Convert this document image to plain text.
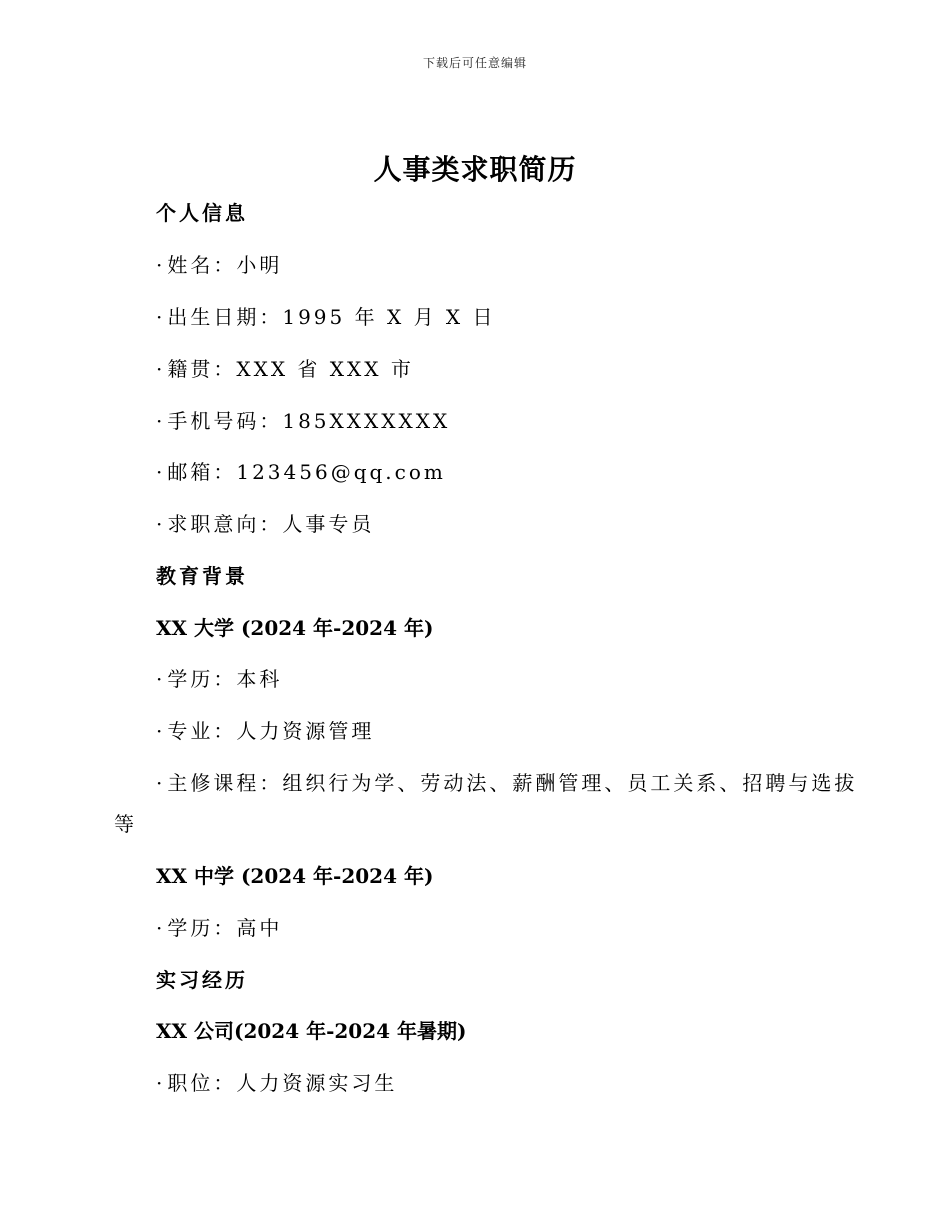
下载后可任意编辑
人事类求职简历
个人信息
· 姓名：小明
· 出生日期：1995 年 X 月 X 日
· 籍贯：XXX 省 XXX 市
· 手机号码：185XXXXXXX
· 邮箱：123456@qq.com
· 求职意向：人事专员
教育背景
XX 大学 (2024 年-2024 年)
· 学历：本科
· 专业：人力资源管理
· 主修课程：组织行为学、劳动法、薪酬管理、员工关系、招聘与选拔
等
XX 中学 (2024 年-2024 年)
· 学历：高中
实习经历
XX 公司(2024 年-2024 年暑期)
· 职位：人力资源实习生
